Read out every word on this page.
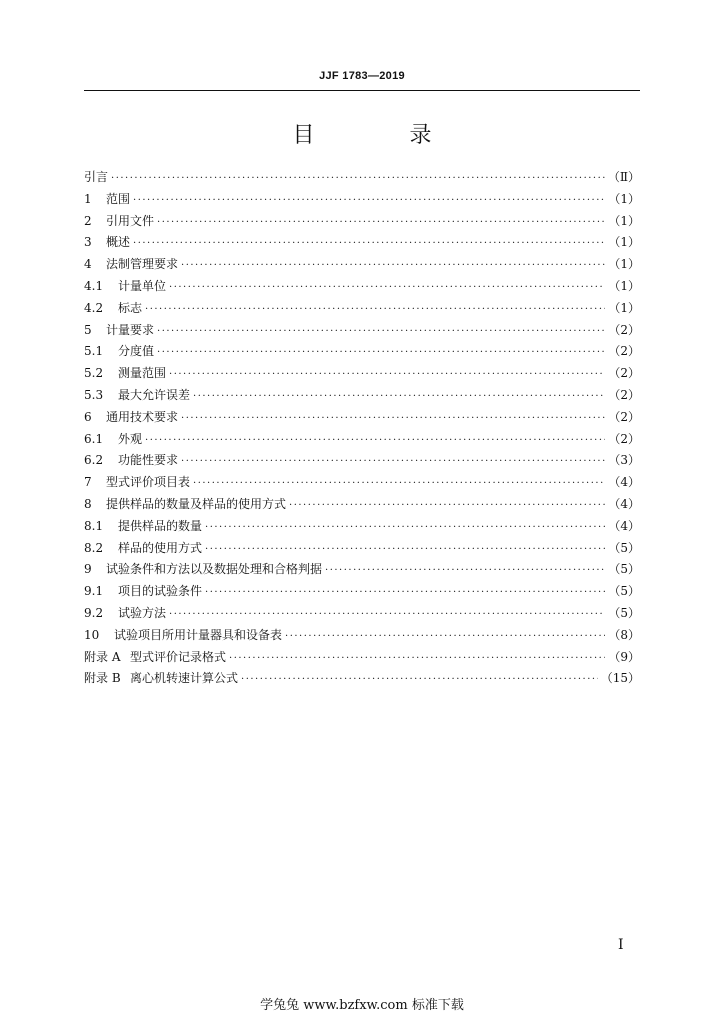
JJF 1783—2019
目 录
引言 ·····	（Ⅱ）
1 范围 ·····	（1）
2 引用文件 ·····	（1）
3 概述 ·····	（1）
4 法制管理要求 ·····	（1）
4.1 计量单位 ·····	（1）
4.2 标志 ·····	（1）
5 计量要求 ·····	（2）
5.1 分度值 ·····	（2）
5.2 测量范围 ·····	（2）
5.3 最大允许误差 ·····	（2）
6 通用技术要求 ·····	（2）
6.1 外观 ·····	（2）
6.2 功能性要求 ·····	（3）
7 型式评价项目表 ·····	（4）
8 提供样品的数量及样品的使用方式 ·····	（4）
8.1 提供样品的数量 ·····	（4）
8.2 样品的使用方式 ·····	（5）
9 试验条件和方法以及数据处理和合格判据 ·····	（5）
9.1 项目的试验条件 ·····	（5）
9.2 试验方法 ·····	（5）
10 试验项目所用计量器具和设备表 ·····	（8）
附录 A 型式评价记录格式 ·····	（9）
附录 B 离心机转速计算公式 ·····	（15）
I
学兔兔 www.bzfxw.com 标准下载
